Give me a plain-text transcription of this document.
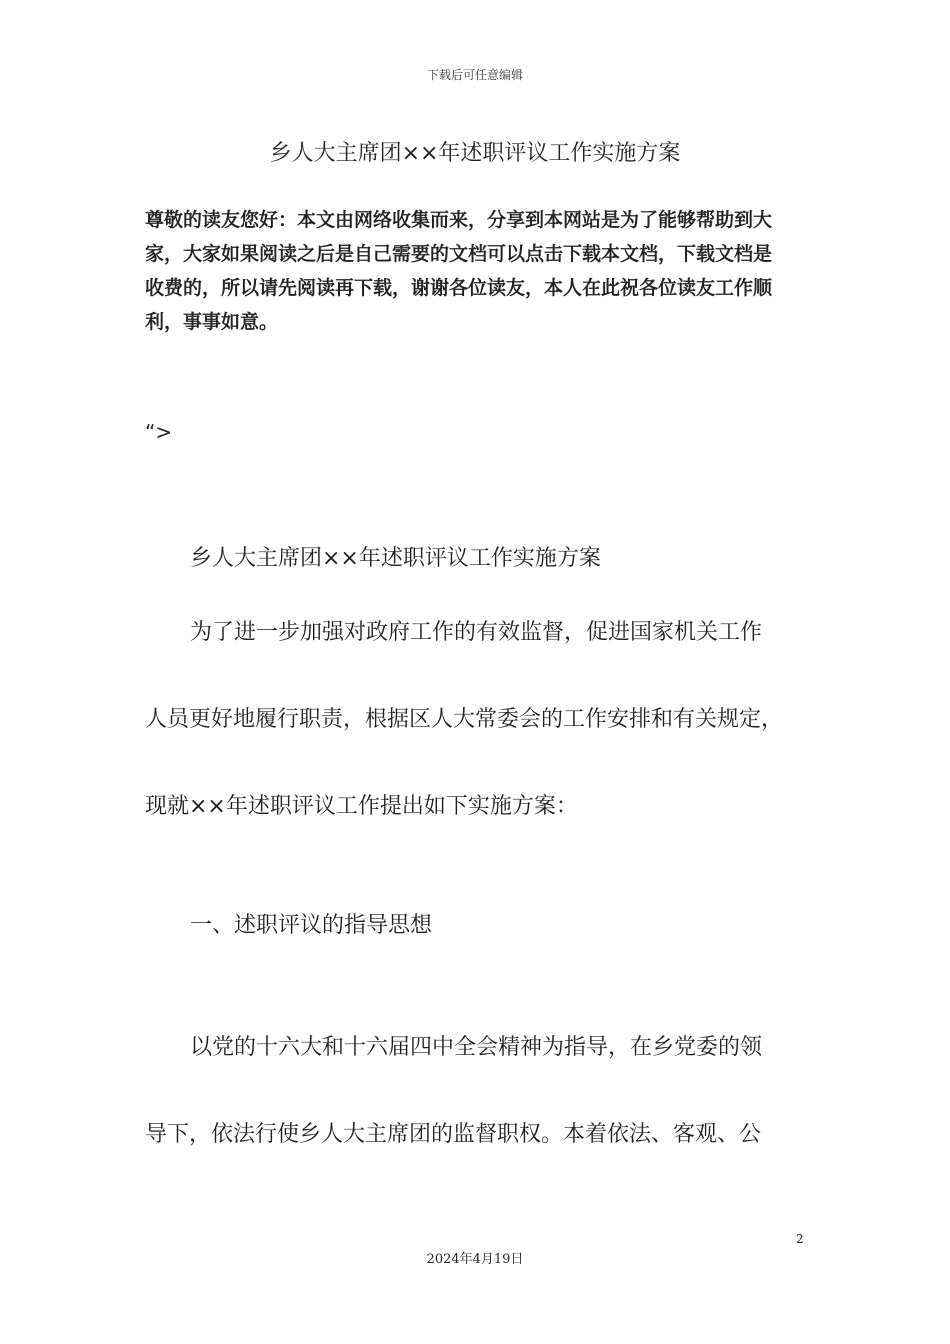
下载后可任意编辑
乡人大主席团××年述职评议工作实施方案
尊敬的读友您好：本文由网络收集而来，分享到本网站是为了能够帮助到大
家，大家如果阅读之后是自己需要的文档可以点击下载本文档，下载文档是
收费的，所以请先阅读再下载，谢谢各位读友，本人在此祝各位读友工作顺
利，事事如意。
“>
乡人大主席团××年述职评议工作实施方案
为了进一步加强对政府工作的有效监督，促进国家机关工作
人员更好地履行职责，根据区人大常委会的工作安排和有关规定，
现就××年述职评议工作提出如下实施方案：
一、述职评议的指导思想
以党的十六大和十六届四中全会精神为指导，在乡党委的领
导下，依法行使乡人大主席团的监督职权。本着依法、客观、公
2
2024年4月19日
